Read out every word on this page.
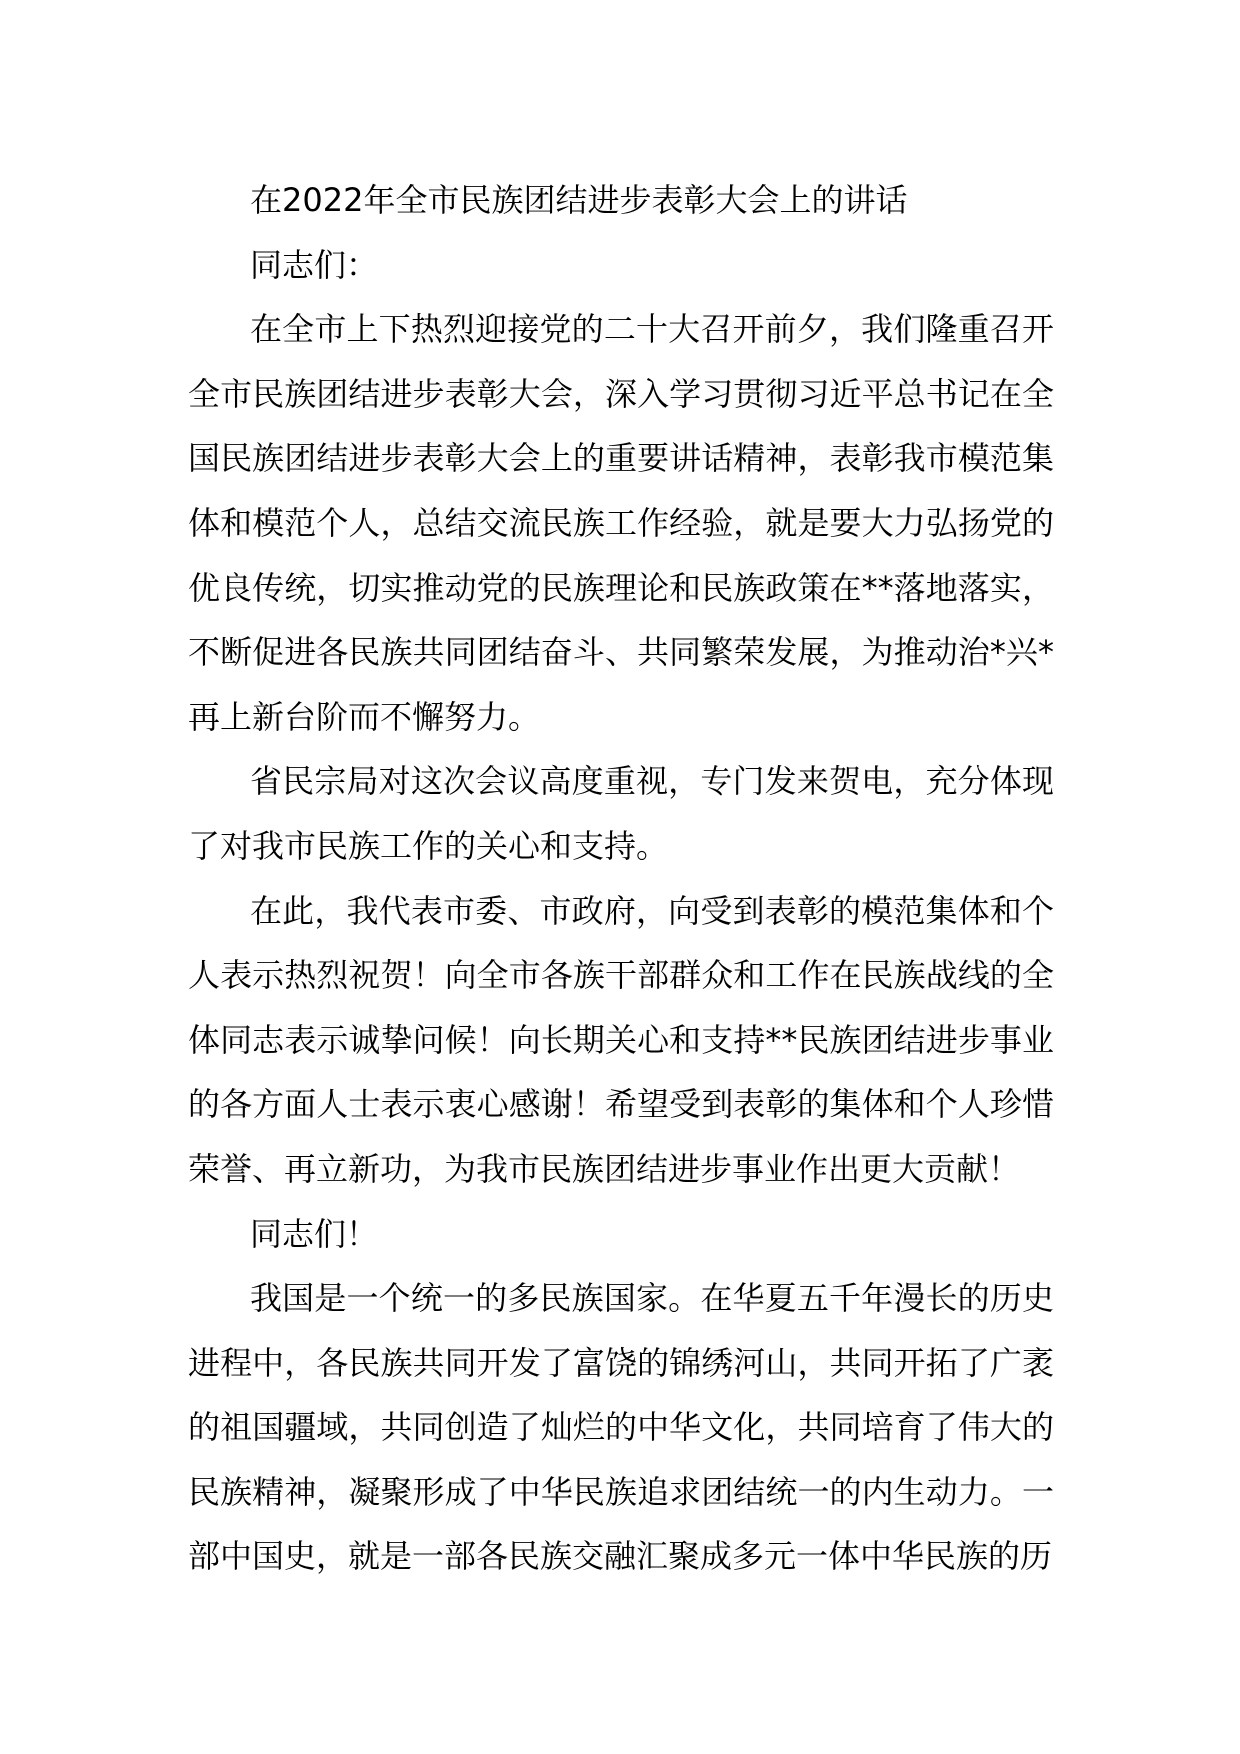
在2022年全市民族团结进步表彰大会上的讲话

同志们：

在全市上下热烈迎接党的二十大召开前夕，我们隆重召开全市民族团结进步表彰大会，深入学习贯彻习近平总书记在全国民族团结进步表彰大会上的重要讲话精神，表彰我市模范集体和模范个人，总结交流民族工作经验，就是要大力弘扬党的优良传统，切实推动党的民族理论和民族政策在**落地落实，不断促进各民族共同团结奋斗、共同繁荣发展，为推动治*兴*再上新台阶而不懈努力。

省民宗局对这次会议高度重视，专门发来贺电，充分体现了对我市民族工作的关心和支持。

在此，我代表市委、市政府，向受到表彰的模范集体和个人表示热烈祝贺！向全市各族干部群众和工作在民族战线的全体同志表示诚挚问候！向长期关心和支持**民族团结进步事业的各方面人士表示衷心感谢！希望受到表彰的集体和个人珍惜荣誉、再立新功，为我市民族团结进步事业作出更大贡献！

同志们！

我国是一个统一的多民族国家。在华夏五千年漫长的历史进程中，各民族共同开发了富饶的锦绣河山，共同开拓了广袤的祖国疆域，共同创造了灿烂的中华文化，共同培育了伟大的民族精神，凝聚形成了中华民族追求团结统一的内生动力。一部中国史，就是一部各民族交融汇聚成多元一体中华民族的历
